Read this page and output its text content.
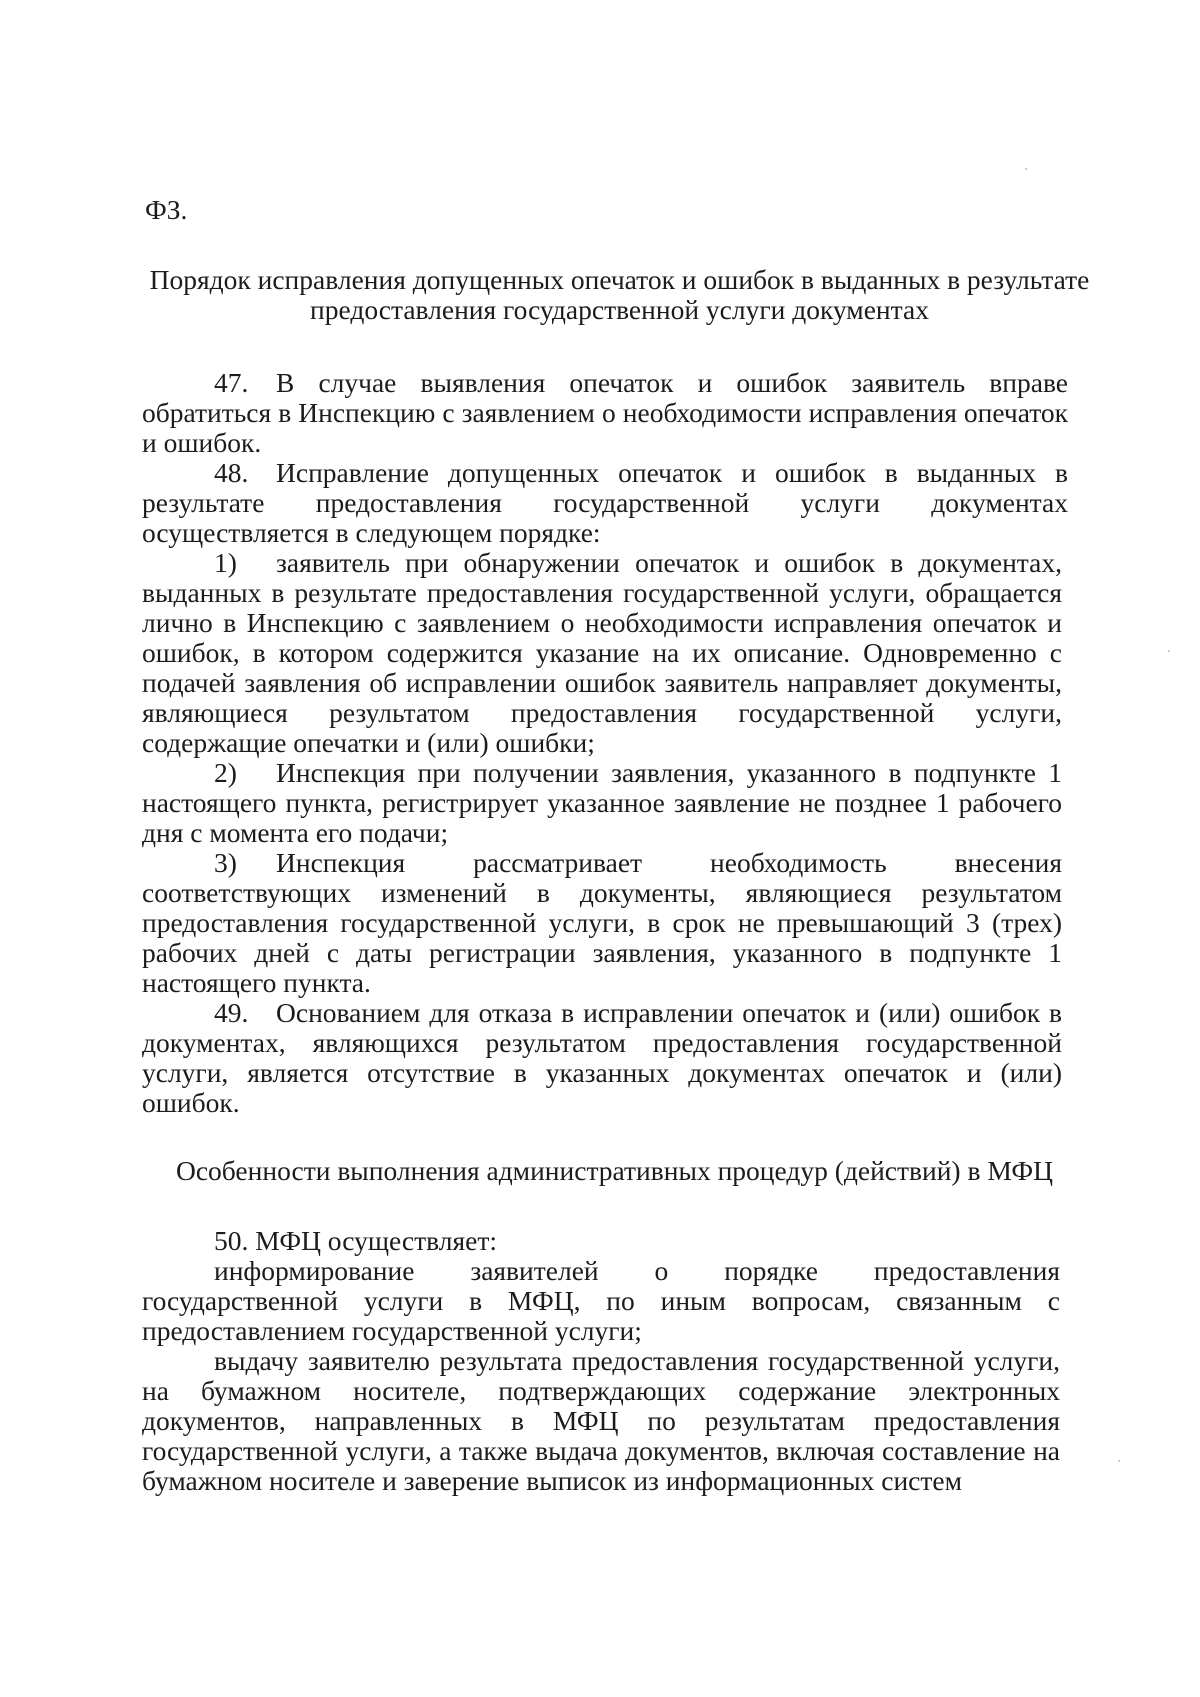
ФЗ.

Порядок исправления допущенных опечаток и ошибок в выданных в результате предоставления государственной услуги документах

47. В случае выявления опечаток и ошибок заявитель вправе обратиться в Инспекцию с заявлением о необходимости исправления опечаток и ошибок.

48. Исправление допущенных опечаток и ошибок в выданных в результате предоставления государственной услуги документах осуществляется в следующем порядке:

1) заявитель при обнаружении опечаток и ошибок в документах, выданных в результате предоставления государственной услуги, обращается лично в Инспекцию с заявлением о необходимости исправления опечаток и ошибок, в котором содержится указание на их описание. Одновременно с подачей заявления об исправлении ошибок заявитель направляет документы, являющиеся результатом предоставления государственной услуги, содержащие опечатки и (или) ошибки;

2) Инспекция при получении заявления, указанного в подпункте 1 настоящего пункта, регистрирует указанное заявление не позднее 1 рабочего дня с момента его подачи;

3) Инспекция рассматривает необходимость внесения соответствующих изменений в документы, являющиеся результатом предоставления государственной услуги, в срок не превышающий 3 (трех) рабочих дней с даты регистрации заявления, указанного в подпункте 1 настоящего пункта.

49. Основанием для отказа в исправлении опечаток и (или) ошибок в документах, являющихся результатом предоставления государственной услуги, является отсутствие в указанных документах опечаток и (или) ошибок.

Особенности выполнения административных процедур (действий) в МФЦ

50. МФЦ осуществляет:

информирование заявителей о порядке предоставления государственной услуги в МФЦ, по иным вопросам, связанным с предоставлением государственной услуги;

выдачу заявителю результата предоставления государственной услуги, на бумажном носителе, подтверждающих содержание электронных документов, направленных в МФЦ по результатам предоставления государственной услуги, а также выдача документов, включая составление на бумажном носителе и заверение выписок из информационных систем
